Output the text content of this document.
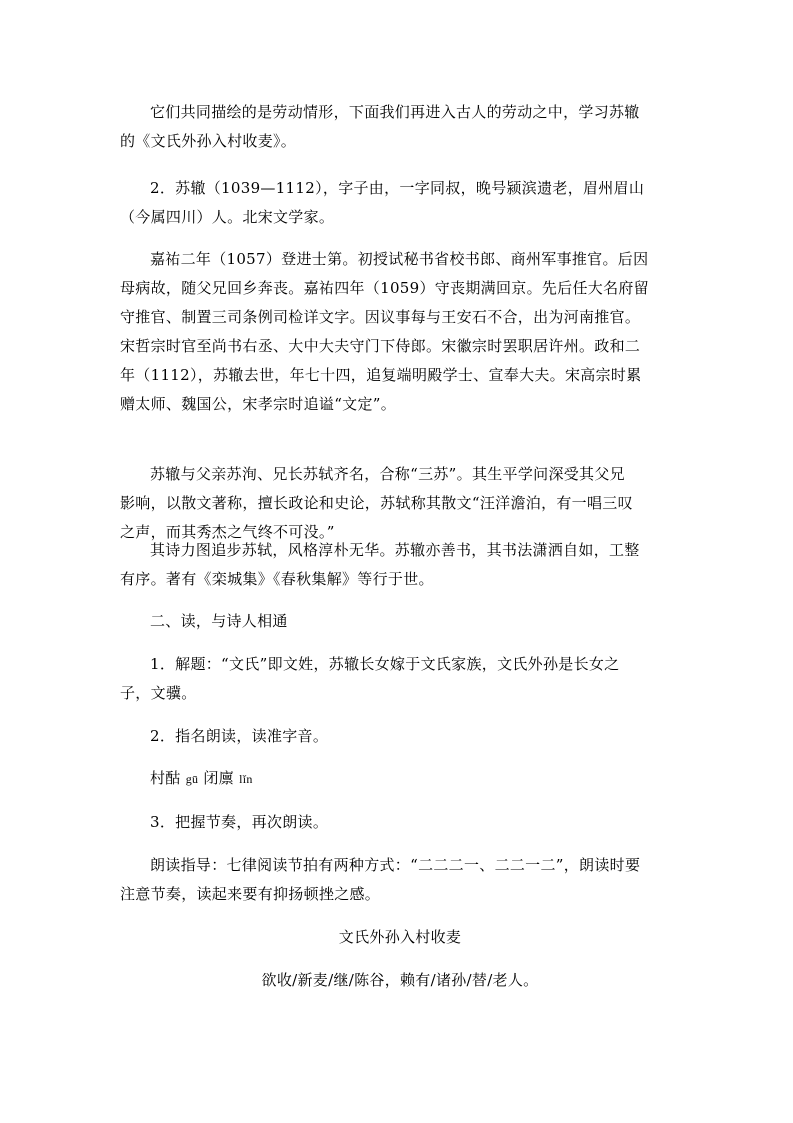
它们共同描绘的是劳动情形，下面我们再进入古人的劳动之中，学习苏辙
的《文氏外孙入村收麦》。
2．苏辙（1039—1112），字子由，一字同叔，晚号颍滨遗老，眉州眉山
（今属四川）人。北宋文学家。
嘉祐二年（1057）登进士第。初授试秘书省校书郎、商州军事推官。后因
母病故，随父兄回乡奔丧。嘉祐四年（1059）守丧期满回京。先后任大名府留
守推官、制置三司条例司检详文字。因议事每与王安石不合，出为河南推官。
宋哲宗时官至尚书右丞、大中大夫守门下侍郎。宋徽宗时罢职居许州。政和二
年（1112），苏辙去世，年七十四，追复端明殿学士、宣奉大夫。宋高宗时累
赠太师、魏国公，宋孝宗时追谥“文定”。
苏辙与父亲苏洵、兄长苏轼齐名，合称“三苏”。其生平学问深受其父兄
影响，以散文著称，擅长政论和史论，苏轼称其散文“汪洋澹泊，有一唱三叹
之声，而其秀杰之气终不可没。”
其诗力图追步苏轼，风格淳朴无华。苏辙亦善书，其书法潇洒自如，工整
有序。著有《栾城集》《春秋集解》等行于世。
二、读，与诗人相通
1．解题：“文氏”即文姓，苏辙长女嫁于文氏家族，文氏外孙是长女之
子，文骥。
2．指名朗读，读准字音。
村酤 gū 闭廪 lǐn
3．把握节奏，再次朗读。
朗读指导：七律阅读节拍有两种方式：“二二二一、二二一二”，朗读时要
注意节奏，读起来要有抑扬顿挫之感。
文氏外孙入村收麦
欲收/新麦/继/陈谷，赖有/诸孙/替/老人。
